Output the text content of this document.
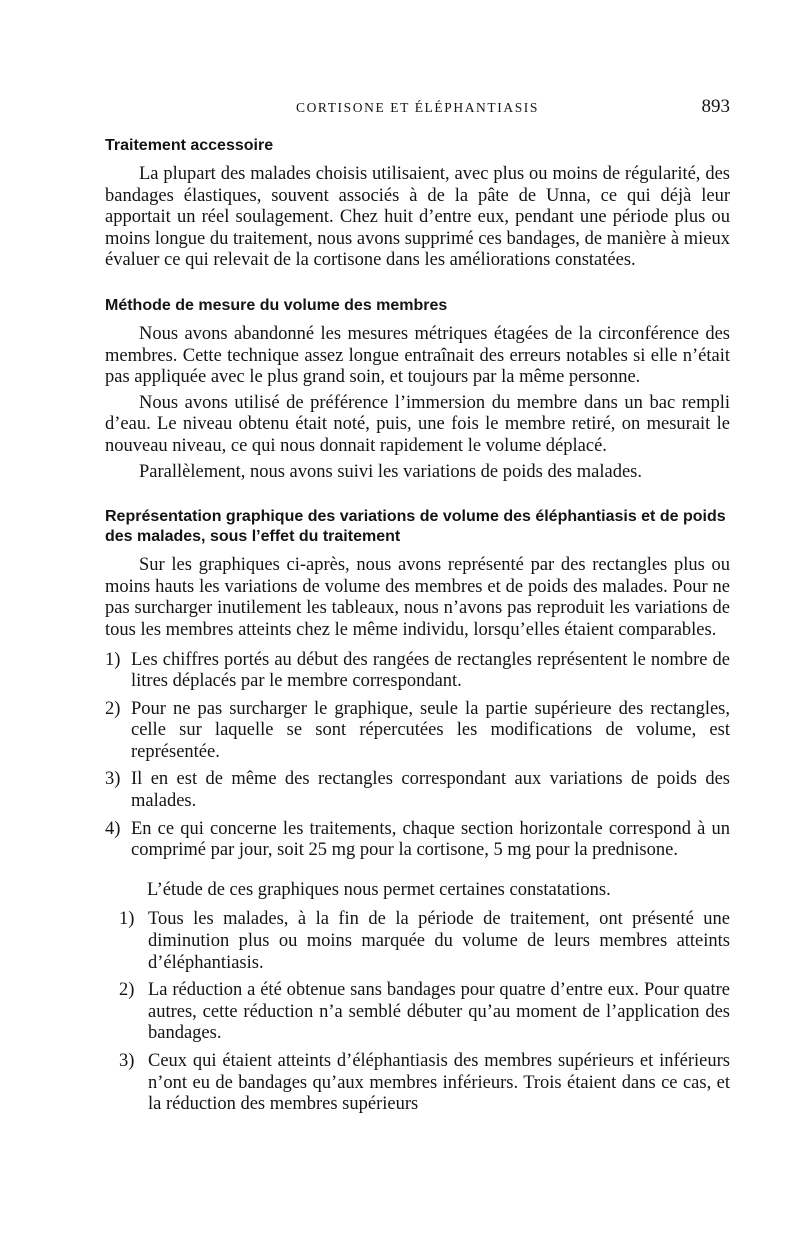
CORTISONE ET ÉLÉPHANTIASIS	893
Traitement accessoire

La plupart des malades choisis utilisaient, avec plus ou moins de régularité, des bandages élastiques, souvent associés à de la pâte de Unna, ce qui déjà leur apportait un réel soulagement. Chez huit d’entre eux, pendant une période plus ou moins longue du traitement, nous avons supprimé ces bandages, de manière à mieux évaluer ce qui relevait de la cortisone dans les améliorations constatées.

Méthode de mesure du volume des membres

Nous avons abandonné les mesures métriques étagées de la circonférence des membres. Cette technique assez longue entraînait des erreurs notables si elle n’était pas appliquée avec le plus grand soin, et toujours par la même personne.

Nous avons utilisé de préférence l’immersion du membre dans un bac rempli d’eau. Le niveau obtenu était noté, puis, une fois le membre retiré, on mesurait le nouveau niveau, ce qui nous donnait rapidement le volume déplacé.

Parallèlement, nous avons suivi les variations de poids des malades.

Représentation graphique des variations de volume des éléphantiasis et de poids des malades, sous l’effet du traitement

Sur les graphiques ci-après, nous avons représenté par des rectangles plus ou moins hauts les variations de volume des membres et de poids des malades. Pour ne pas surcharger inutilement les tableaux, nous n’avons pas reproduit les variations de tous les membres atteints chez le même individu, lorsqu’elles étaient comparables.

1) Les chiffres portés au début des rangées de rectangles représentent le nombre de litres déplacés par le membre correspondant.
2) Pour ne pas surcharger le graphique, seule la partie supérieure des rectangles, celle sur laquelle se sont répercutées les modifications de volume, est représentée.
3) Il en est de même des rectangles correspondant aux variations de poids des malades.
4) En ce qui concerne les traitements, chaque section horizontale correspond à un comprimé par jour, soit 25 mg pour la cortisone, 5 mg pour la prednisone.

L’étude de ces graphiques nous permet certaines constatations.

1) Tous les malades, à la fin de la période de traitement, ont présenté une diminution plus ou moins marquée du volume de leurs membres atteints d’éléphantiasis.
2) La réduction a été obtenue sans bandages pour quatre d’entre eux. Pour quatre autres, cette réduction n’a semblé débuter qu’au moment de l’application des bandages.
3) Ceux qui étaient atteints d’éléphantiasis des membres supérieurs et inférieurs n’ont eu de bandages qu’aux membres inférieurs. Trois étaient dans ce cas, et la réduction des membres supérieurs
